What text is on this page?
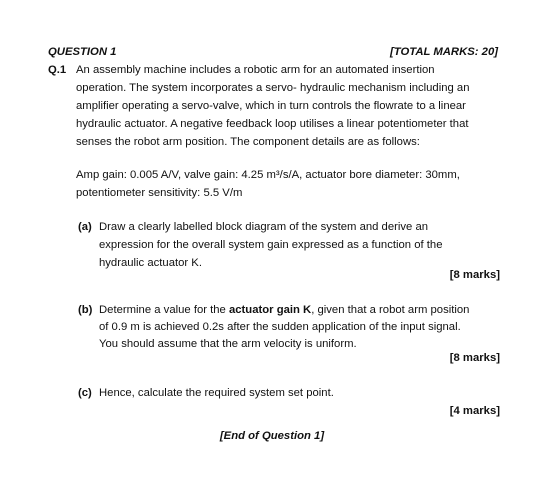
QUESTION 1	[TOTAL MARKS: 20]
Q.1 An assembly machine includes a robotic arm for an automated insertion
operation. The system incorporates a servo- hydraulic mechanism including an
amplifier operating a servo-valve, which in turn controls the flowrate to a linear
hydraulic actuator. A negative feedback loop utilises a linear potentiometer that
senses the robot arm position. The component details are as follows:
Amp gain: 0.005 A/V, valve gain: 4.25 m³/s/A, actuator bore diameter: 30mm,
potentiometer sensitivity: 5.5 V/m
(a) Draw a clearly labelled block diagram of the system and derive an
expression for the overall system gain expressed as a function of the
hydraulic actuator K.
[8 marks]
(b) Determine a value for the actuator gain K, given that a robot arm position
of 0.9 m is achieved 0.2s after the sudden application of the input signal.
You should assume that the arm velocity is uniform.
[8 marks]
(c) Hence, calculate the required system set point.
[4 marks]
[End of Question 1]
